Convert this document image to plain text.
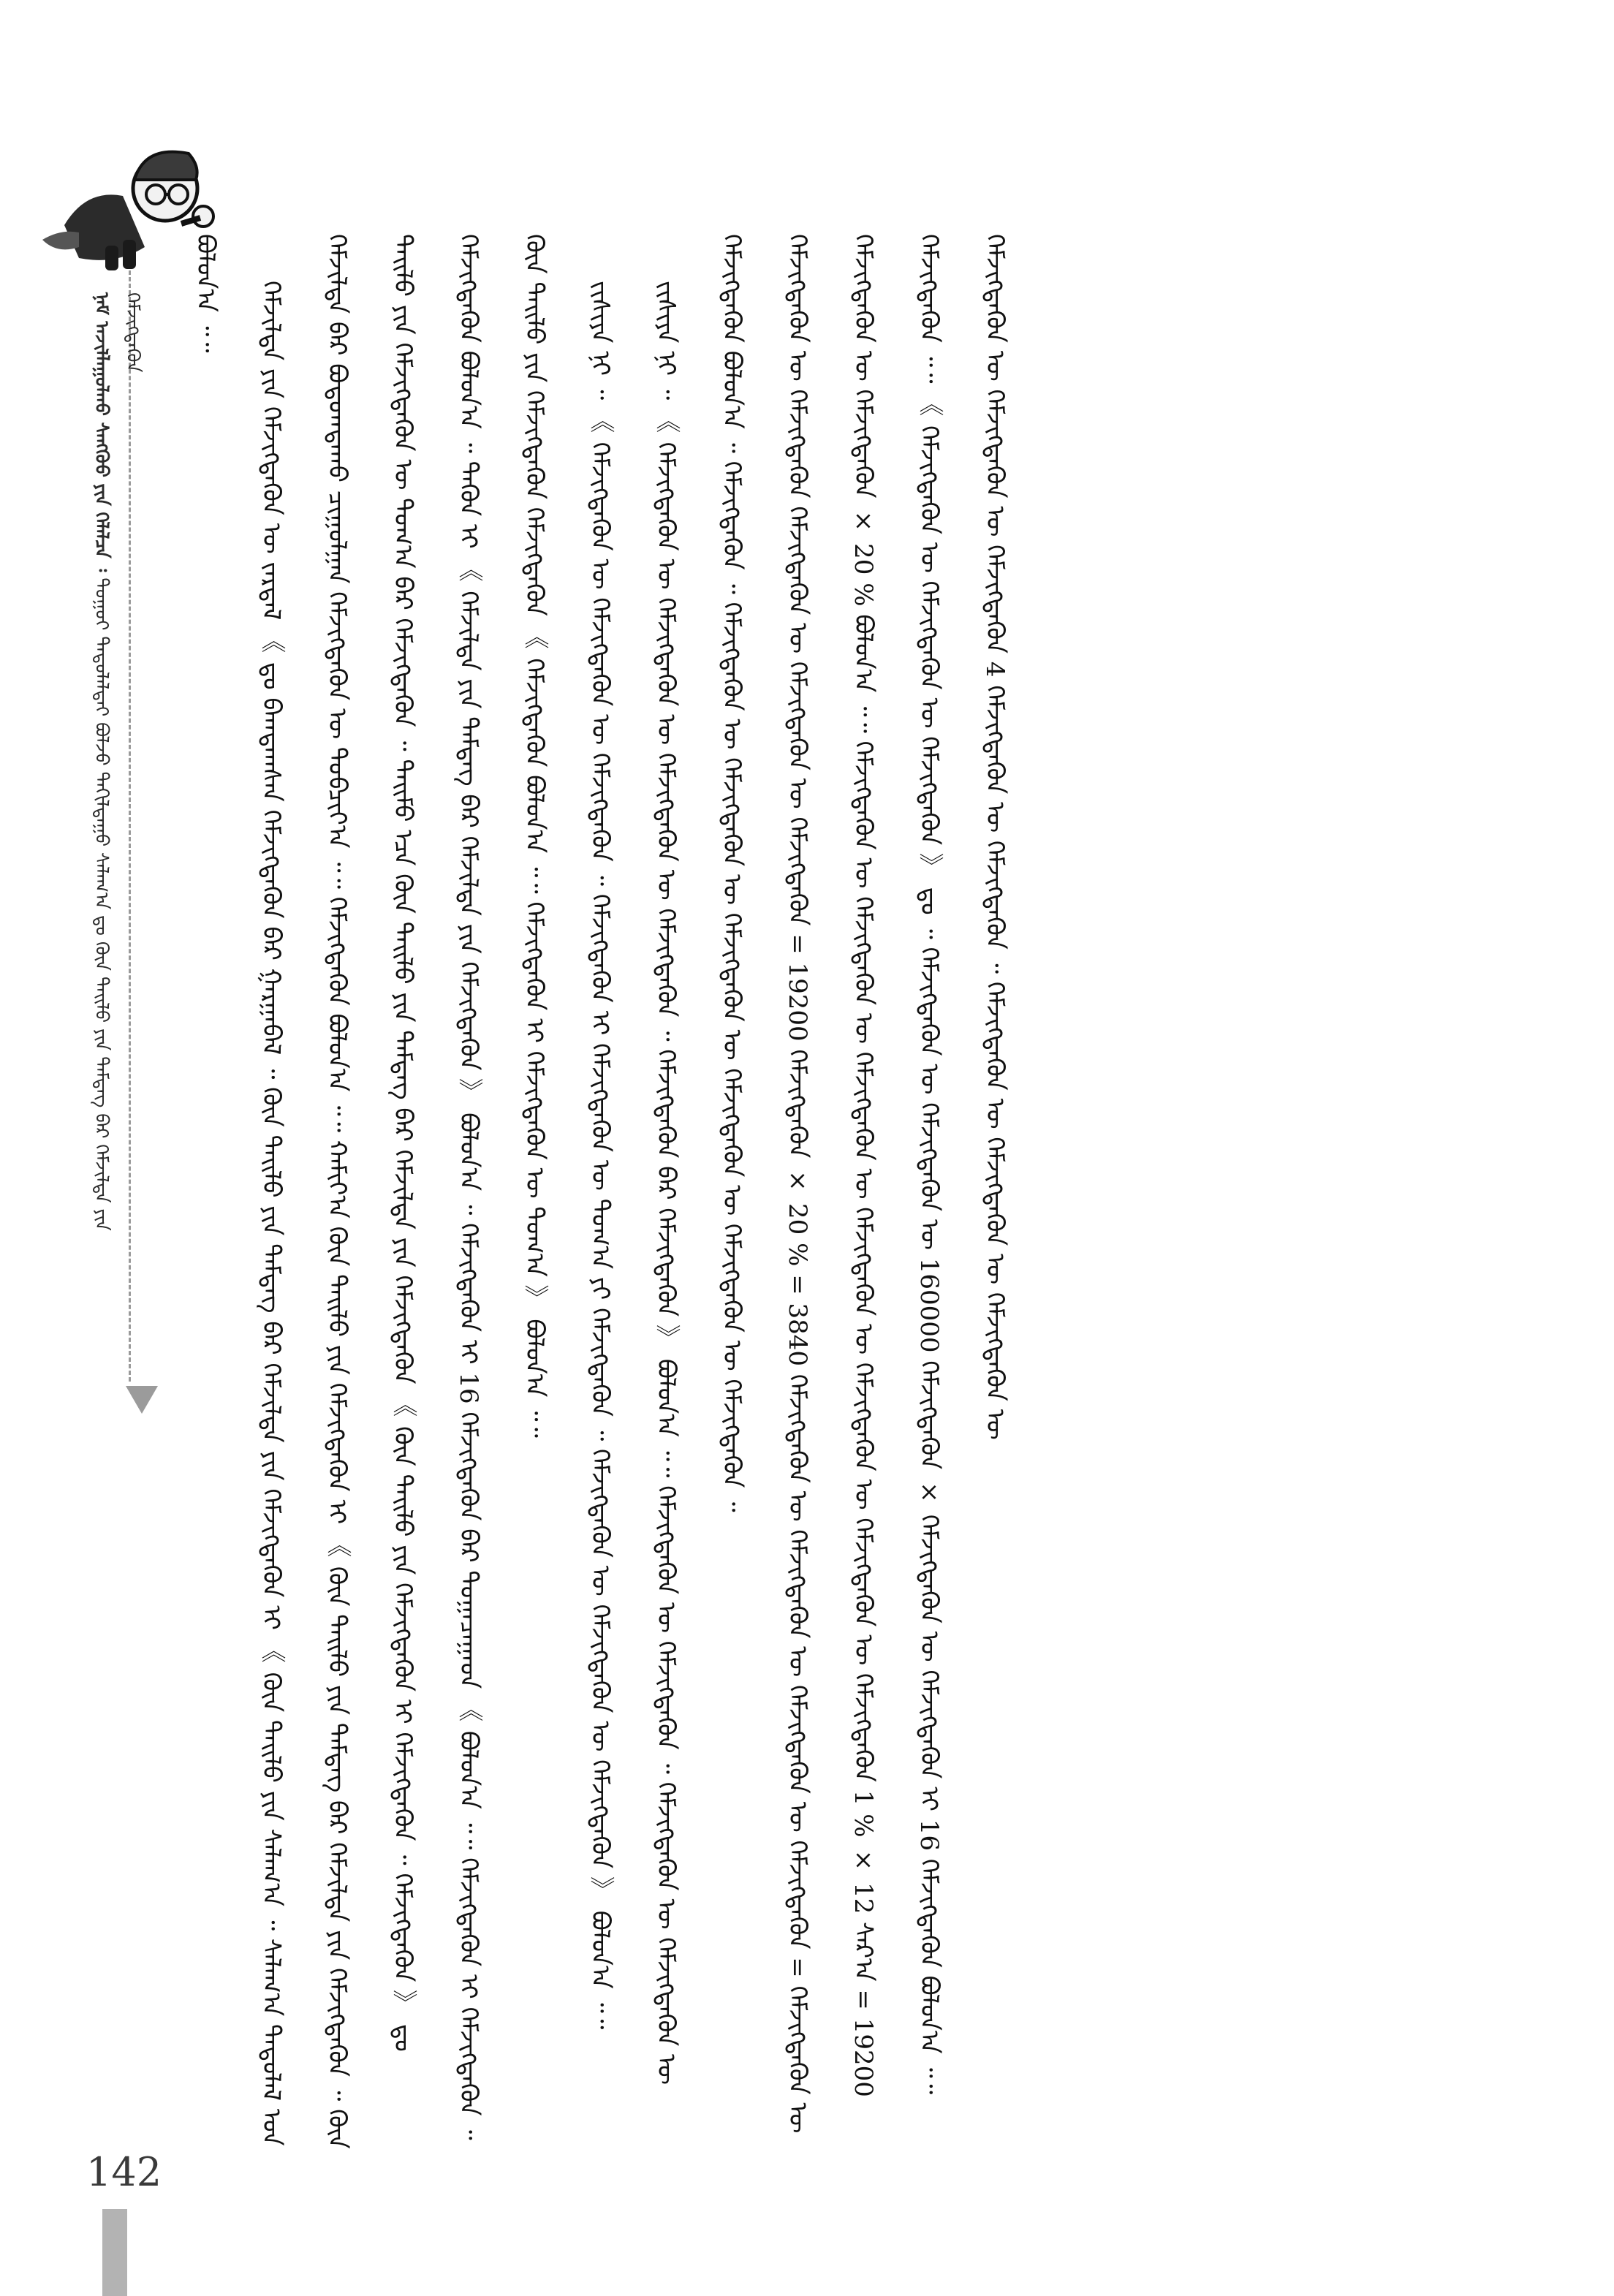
ᠨᠠᠮ ᠠᠵᠢᠯᠯᠠᠭᠤᠯᠬᠤ ᠰᠠᠩᠬᠦᠦ ᠶᠢᠨ ᠬᠡᠯᠡᠯᠴᠡ ᠄ ᠳᠤᠭᠤᠢ ᠲᠠᠳᠤᠯᠠᠯᠲᠠᠢ ᠪᠣᠯᠵᠤ ᠲᠠᠬᠢᠯᠳᠠᠭᠤ ᠰᠠᠯᠠᠭ᠎ᠠ ᠳᠤ ᠬᠥᠨ ᠲᠠᠢᠯᠤ ᠶᠢᠨ ᠲᠡᠮᠳᠡᠭ ᠪᠠᠷ ᠬᠡᠮᠵᠢᠯᠲᠡ ᠶᠢᠨ ᠬᠡᠮᠵᠢᠭᠳᠡᠬᠦᠨ	ᠪᠣᠯᠤᠨ᠎ᠠ ᠃᠃	ᠬᠡᠮᠵᠢᠯᠲᠡ ᠶᠢᠨ ᠬᠡᠮᠵᠢᠭᠳᠡᠬᠦᠨ ᠦ ᠵᠠᠷᠳᠠᠯ 《 ᠳᠤ ᠪᠠᠭᠲᠠᠭᠰᠠᠨ ᠬᠡᠮᠵᠢᠭᠳᠡᠬᠦᠨ ᠪᠠᠷ ᠭᠠᠷᠭᠠᠪᠠᠯ ᠃ ᠬᠥᠨ ᠲᠠᠢᠯᠤ ᠶᠢᠨ ᠲᠡᠮᠳᠡᠭ ᠪᠠᠷ ᠬᠡᠮᠵᠢᠯᠲᠡ ᠶᠢᠨ ᠬᠡᠮᠵᠢᠭᠳᠡᠬᠦᠨ ᠢ 《 ᠬᠥᠨ ᠲᠠᠢᠯᠤ ᠶᠢᠨ ᠰᠠᠯᠠᠭ᠎ᠠ ᠃ ᠰᠠᠯᠠᠭ᠎ᠠ ᠲᠠᠳᠤᠯᠠᠯ ᠤᠨ ᠬᠡᠮᠵᠢᠯᠲᠡ ᠪᠡᠷ ᠪᠣᠳᠤᠭᠳᠠᠬᠤ ᠴᠢᠭᠤᠯᠭᠠᠨ ᠬᠡᠮᠵᠢᠭᠳᠡᠬᠦᠨ ᠦ ᠲᠣᠪᠴᠢᠶ᠎ᠠ ᠃᠃ ᠬᠡᠮᠵᠢᠭᠳᠡᠬᠦᠨ ᠪᠣᠯᠤᠨ᠎ᠠ ᠃᠃ ᠬᠠᠮᠢᠶ᠎ᠠ ᠬᠥᠨ ᠲᠠᠢᠯᠤ ᠶᠢᠨ ᠬᠡᠮᠵᠢᠭᠳᠡᠬᠦᠨ ᠢ 《 ᠬᠥᠨ ᠲᠠᠢᠯᠤ ᠶᠢᠨ ᠲᠡᠮᠳᠡᠭ ᠪᠠᠷ ᠬᠡᠮᠵᠢᠯᠲᠡ ᠶᠢᠨ ᠬᠡᠮᠵᠢᠭᠳᠡᠬᠦᠨ ᠃ ᠬᠥᠨ ᠲᠠᠢᠯᠤ ᠶᠢᠨ ᠬᠡᠮᠵᠢᠭᠳᠡᠬᠦᠨ ᠦ ᠲᠣᠭ᠎ᠠ ᠪᠠᠷ ᠬᠡᠮᠵᠢᠭᠳᠡᠬᠦᠨ ᠃ ᠲᠡᠢᠮᠦ ᠡᠴᠡ ᠬᠥᠨ ᠲᠠᠢᠯᠤ ᠶᠢᠨ ᠲᠡᠮᠳᠡᠭ ᠪᠠᠷ ᠬᠡᠮᠵᠢᠯᠲᠡ ᠶᠢᠨ ᠬᠡᠮᠵᠢᠭᠳᠡᠬᠦᠨ 《 ᠬᠥᠨ ᠲᠠᠢᠯᠤ ᠶᠢᠨ ᠬᠡᠮᠵᠢᠭᠳᠡᠬᠦᠨ ᠢ ᠬᠡᠮᠵᠢᠭᠳᠡᠬᠦᠨ ᠃ ᠬᠡᠮᠵᠢᠭᠳᠡᠬᠦᠨ 》 ᠳᠤ ᠬᠡᠮᠵᠢᠭᠳᠡᠬᠦᠨ ᠪᠣᠯᠤᠨ᠎ᠠ ᠃ ᠲᠡᠭᠦᠨ ᠢ 《 ᠬᠡᠮᠵᠢᠯᠲᠡ ᠶᠢᠨ ᠲᠡᠮᠳᠡᠭ ᠪᠠᠷ ᠬᠡᠮᠵᠢᠯᠲᠡ ᠶᠢᠨ ᠬᠡᠮᠵᠢᠭᠳᠡᠬᠦᠨ 》 ᠪᠣᠯᠤᠨ᠎ᠠ ᠃ ᠬᠡᠮᠵᠢᠭᠳᠡᠬᠦᠨ ᠢ 16 ᠬᠡᠮᠵᠢᠭᠳᠡᠬᠦᠨ ᠪᠡᠷ ᠲᠣᠭᠠᠴᠠᠭᠠᠳ 《 ᠪᠣᠯᠤᠨ᠎ᠠ ᠃᠃ ᠬᠡᠮᠵᠢᠭᠳᠡᠬᠦᠨ ᠢ ᠬᠡᠮᠵᠢᠭᠳᠡᠬᠦᠨ ᠃ ᠬᠥᠨ ᠲᠠᠢᠯᠤ ᠶᠢᠨ ᠬᠡᠮᠵᠢᠭᠳᠡᠬᠦᠨ ᠬᠡᠮᠵᠢᠭᠳᠡᠬᠦᠨ 《 ᠬᠡᠮᠵᠢᠭᠳᠡᠬᠦᠨ ᠪᠣᠯᠤᠨ᠎ᠠ ᠃᠃ ᠬᠡᠮᠵᠢᠭᠳᠡᠬᠦᠨ ᠢ ᠬᠡᠮᠵᠢᠭᠳᠡᠬᠦᠨ ᠦ ᠲᠣᠭ᠎ᠠ 》 ᠪᠣᠯᠤᠨ᠎ᠠ ᠃᠃	ᠵᠢᠱᠢᠶᠡ ᠨᠢ ᠃ 《 ᠬᠡᠮᠵᠢᠭᠳᠡᠬᠦᠨ ᠦ ᠬᠡᠮᠵᠢᠭᠳᠡᠬᠦᠨ ᠦ ᠬᠡᠮᠵᠢᠭᠳᠡᠬᠦᠨ ᠃ ᠬᠡᠮᠵᠢᠭᠳᠡᠬᠦᠨ ᠢ ᠬᠡᠮᠵᠢᠭᠳᠡᠬᠦᠨ ᠦ ᠲᠣᠭ᠎ᠠ ᠶᠢ ᠬᠡᠮᠵᠢᠭᠳᠡᠬᠦᠨ ᠃ ᠬᠡᠮᠵᠢᠭᠳᠡᠬᠦᠨ ᠦ ᠬᠡᠮᠵᠢᠭᠳᠡᠬᠦᠨ ᠦ ᠬᠡᠮᠵᠢᠭᠳᠡᠬᠦᠨ 》 ᠪᠣᠯᠤᠨ᠎ᠠ ᠃᠃	ᠵᠢᠱᠢᠶᠡ ᠨᠢ ᠃ 《 ᠬᠡᠮᠵᠢᠭᠳᠡᠬᠦᠨ ᠦ ᠬᠡᠮᠵᠢᠭᠳᠡᠬᠦᠨ ᠦ ᠬᠡᠮᠵᠢᠭᠳᠡᠬᠦᠨ ᠦ ᠬᠡᠮᠵᠢᠭᠳᠡᠬᠦᠨ ᠃ ᠬᠡᠮᠵᠢᠭᠳᠡᠬᠦᠨ ᠪᠡᠷ ᠬᠡᠮᠵᠢᠭᠳᠡᠬᠦᠨ 》 ᠪᠣᠯᠤᠨ᠎ᠠ ᠃᠃ ᠬᠡᠮᠵᠢᠭᠳᠡᠬᠦᠨ ᠦ ᠬᠡᠮᠵᠢᠭᠳᠡᠬᠦᠨ ᠃ ᠬᠡᠮᠵᠢᠭᠳᠡᠬᠦᠨ ᠦ ᠬᠡᠮᠵᠢᠭᠳᠡᠬᠦᠨ ᠦ ᠬᠡᠮᠵᠢᠭᠳᠡᠬᠦᠨ ᠪᠣᠯᠤᠨ᠎ᠠ ᠃ ᠬᠡᠮᠵᠢᠭᠳᠡᠬᠦᠨ ᠃ ᠬᠡᠮᠵᠢᠭᠳᠡᠬᠦᠨ ᠦ ᠬᠡᠮᠵᠢᠭᠳᠡᠬᠦᠨ ᠦ ᠬᠡᠮᠵᠢᠭᠳᠡᠬᠦᠨ ᠦ ᠬᠡᠮᠵᠢᠭᠳᠡᠬᠦᠨ ᠦ ᠬᠡᠮᠵᠢᠭᠳᠡᠬᠦᠨ ᠦ ᠬᠡᠮᠵᠢᠭᠳᠡᠬᠦᠨ ᠃	ᠬᠡᠮᠵᠢᠭᠳᠡᠬᠦᠨ ᠦ ᠬᠡᠮᠵᠢᠭᠳᠡᠬᠦᠨ ᠬᠡᠮᠵᠢᠭᠳᠡᠬᠦᠨ ᠦ ᠬᠡᠮᠵᠢᠭᠳᠡᠬᠦᠨ ᠦ ᠬᠡᠮᠵᠢᠭᠳᠡᠬᠦᠨ = 19200 ᠬᠡᠮᠵᠢᠭᠳᠡᠬᠦᠨ × 20 % = 3840 ᠬᠡᠮᠵᠢᠭᠳᠡᠬᠦᠨ ᠦ ᠬᠡᠮᠵᠢᠭᠳᠡᠬᠦᠨ ᠦ ᠬᠡᠮᠵᠢᠭᠳᠡᠬᠦᠨ ᠦ ᠬᠡᠮᠵᠢᠭᠳᠡᠬᠦᠨ = ᠬᠡᠮᠵᠢᠭᠳᠡᠬᠦᠨ ᠦ ᠬᠡᠮᠵᠢᠭᠳᠡᠬᠦᠨ ᠦ ᠬᠡᠮᠵᠢᠭᠳᠡᠬᠦᠨ × 20 % ᠪᠣᠯᠤᠨ᠎ᠠ ᠃᠃ ᠬᠡᠮᠵᠢᠭᠳᠡᠬᠦᠨ ᠦ ᠬᠡᠮᠵᠢᠭᠳᠡᠬᠦᠨ ᠦ ᠬᠡᠮᠵᠢᠭᠳᠡᠬᠦᠨ ᠦ ᠬᠡᠮᠵᠢᠭᠳᠡᠬᠦᠨ ᠦ ᠬᠡᠮᠵᠢᠭᠳᠡᠬᠦᠨ ᠦ ᠬᠡᠮᠵᠢᠭᠳᠡᠬᠦᠨ ᠦ ᠬᠡᠮᠵᠢᠭᠳᠡᠬᠦᠨ 1 % × 12 ᠰᠠᠷ᠎ᠠ = 19200 ᠬᠡᠮᠵᠢᠭᠳᠡᠬᠦᠨ ᠃᠃ 《 ᠬᠡᠮᠵᠢᠭᠳᠡᠬᠦᠨ ᠦ ᠬᠡᠮᠵᠢᠭᠳᠡᠬᠦᠨ ᠦ ᠬᠡᠮᠵᠢᠭᠳᠡᠬᠦᠨ 》 ᠳᠤ ᠃ ᠬᠡᠮᠵᠢᠭᠳᠡᠬᠦᠨ ᠦ ᠬᠡᠮᠵᠢᠭᠳᠡᠬᠦᠨ ᠦ 160000 ᠬᠡᠮᠵᠢᠭᠳᠡᠬᠦᠨ × ᠬᠡᠮᠵᠢᠭᠳᠡᠬᠦᠨ ᠦ ᠬᠡᠮᠵᠢᠭᠳᠡᠬᠦᠨ ᠢ 16 ᠬᠡᠮᠵᠢᠭᠳᠡᠬᠦᠨ ᠪᠣᠯᠤᠨ᠎ᠠ ᠃᠃ ᠬᠡᠮᠵᠢᠭᠳᠡᠬᠦᠨ ᠦ ᠬᠡᠮᠵᠢᠭᠳᠡᠬᠦᠨ ᠦ ᠬᠡᠮᠵᠢᠭᠳᠡᠬᠦᠨ 4 ᠬᠡᠮᠵᠢᠭᠳᠡᠬᠦᠨ ᠦ ᠬᠡᠮᠵᠢᠭᠳᠡᠬᠦᠨ ᠃ ᠬᠡᠮᠵᠢᠭᠳᠡᠬᠦᠨ ᠦ ᠬᠡᠮᠵᠢᠭᠳᠡᠬᠦᠨ ᠦ ᠬᠡᠮᠵᠢᠭᠳᠡᠬᠦᠨ ᠦ

142
